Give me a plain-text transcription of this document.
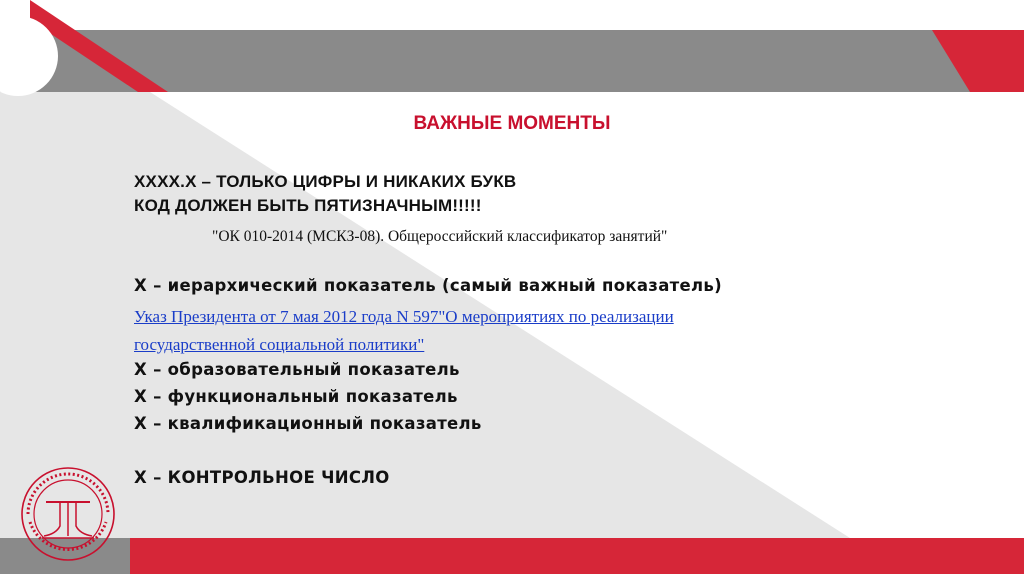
ВАЖНЫЕ МОМЕНТЫ
XXXX.X – ТОЛЬКО ЦИФРЫ И НИКАКИХ БУКВ
КОД ДОЛЖЕН БЫТЬ ПЯТИЗНАЧНЫМ!!!!!
"ОК 010-2014 (МСКЗ-08). Общероссийский классификатор занятий"
Х – иерархический показатель (самый важный показатель)
Указ Президента от 7 мая 2012 года N 597"О мероприятиях по реализации
государственной социальной политики"
Х – образовательный показатель
Х – функциональный показатель
Х – квалификационный показатель
Х – КОНТРОЛЬНОЕ ЧИСЛО
